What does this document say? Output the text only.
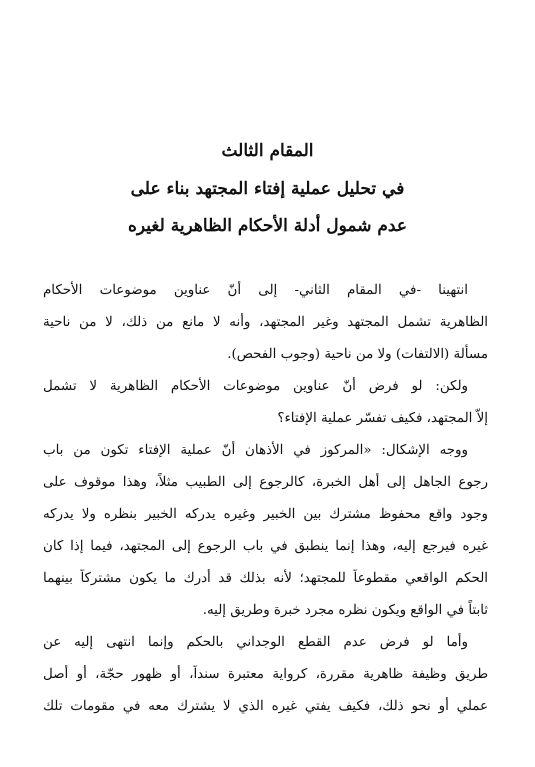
المقام الثالث
في تحليل عملية إفتاء المجتهد بناء على
عدم شمول أدلة الأحكام الظاهرية لغيره
انتهينا -في المقام الثاني- إلى أنّ عناوين موضوعات الأحكام
الظاهرية تشمل المجتهد وغير المجتهد، وأنه لا مانع من ذلك، لا من ناحية
مسألة (الالتفات) ولا من ناحية (وجوب الفحص).
ولكن: لو فرض أنّ عناوين موضوعات الأحكام الظاهرية لا تشمل
إلاّ المجتهد، فكيف تفسّر عملية الإفتاء؟
ووجه الإشكال: «المركوز في الأذهان أنّ عملية الإفتاء تكون من باب
رجوع الجاهل إلى أهل الخبرة، كالرجوع إلى الطبيب مثلاً، وهذا موقوف على
وجود واقع محفوظ مشترك بين الخبير وغيره يدركه الخبير بنظره ولا يدركه
غيره فيرجع إليه، وهذا إنما ينطبق في باب الرجوع إلى المجتهد، فيما إذا كان
الحكم الواقعي مقطوعاً للمجتهد؛ لأنه بذلك قد أدرك ما يكون مشتركاً بينهما
ثابتاً في الواقع ويكون نظره مجرد خبرة وطريق إليه.
وأما لو فرض عدم القطع الوجداني بالحكم وإنما انتهى إليه عن
طريق وظيفة ظاهرية مقررة، كرواية معتبرة سنداً، أو ظهور حجّة، أو أصل
عملي أو نحو ذلك، فكيف يفتي غيره الذي لا يشترك معه في مقومات تلك
